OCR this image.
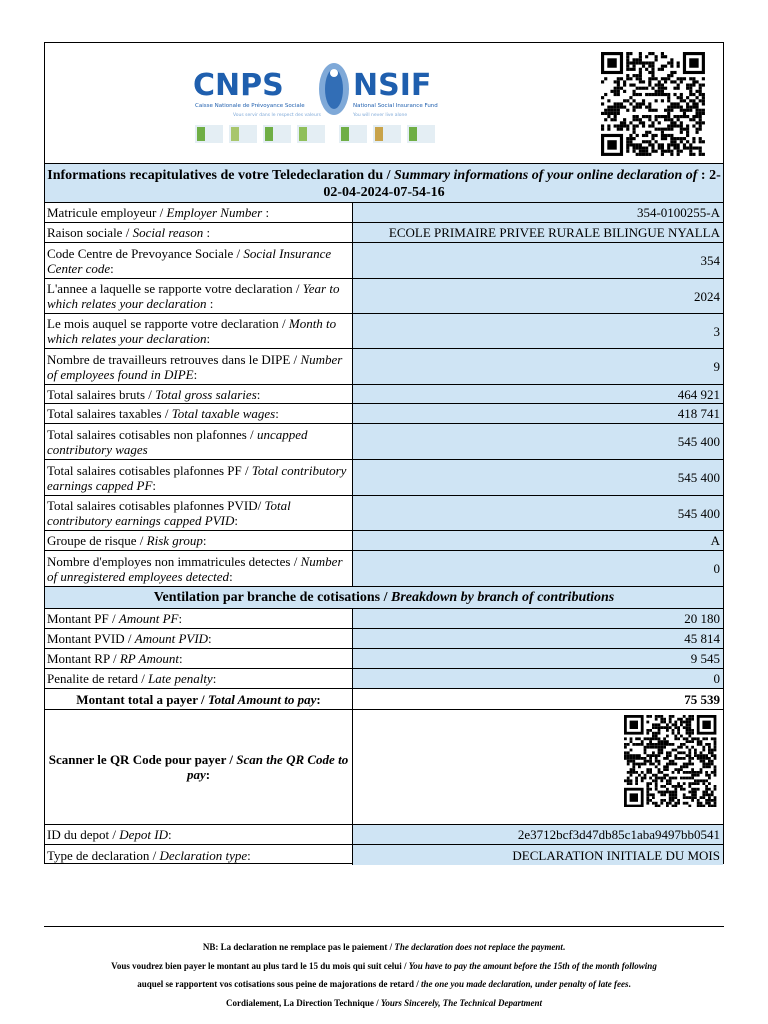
CNPS NSIF
Caisse Nationale de Prévoyance Sociale	National Social Insurance Fund
Vous servir dans le respect des valeurs	You will never live alone
Informations recapitulatives de votre Teledeclaration du / Summary informations of your online declaration of : 2-02-04-2024-07-54-16
Matricule employeur / Employer Number :	354-0100255-A
Raison sociale / Social reason :	ECOLE PRIMAIRE PRIVEE RURALE BILINGUE NYALLA
Code Centre de Prevoyance Sociale / Social Insurance Center code:	354
L'annee a laquelle se rapporte votre declaration / Year to which relates your declaration :	2024
Le mois auquel se rapporte votre declaration / Month to which relates your declaration:	3
Nombre de travailleurs retrouves dans le DIPE / Number of employees found in DIPE:	9
Total salaires bruts / Total gross salaries:	464 921
Total salaires taxables / Total taxable wages:	418 741
Total salaires cotisables non plafonnes / uncapped contributory wages	545 400
Total salaires cotisables plafonnes PF / Total contributory earnings capped PF:	545 400
Total salaires cotisables plafonnes PVID/ Total contributory earnings capped PVID:	545 400
Groupe de risque / Risk group:	A
Nombre d'employes non immatricules detectes / Number of unregistered employees detected:	0
Ventilation par branche de cotisations / Breakdown by branch of contributions
Montant PF / Amount PF:	20 180
Montant PVID / Amount PVID:	45 814
Montant RP / RP Amount:	9 545
Penalite de retard / Late penalty:	0
Montant total a payer / Total Amount to pay:	75 539
Scanner le QR Code pour payer / Scan the QR Code to pay:
ID du depot / Depot ID:	2e3712bcf3d47db85c1aba9497bb0541
Type de declaration / Declaration type:	DECLARATION INITIALE DU MOIS
NB: La declaration ne remplace pas le paiement / The declaration does not replace the payment.
Vous voudrez bien payer le montant au plus tard le 15 du mois qui suit celui / You have to pay the amount before the 15th of the month following
auquel se rapportent vos cotisations sous peine de majorations de retard / the one you made declaration, under penalty of late fees.
Cordialement, La Direction Technique / Yours Sincerely, The Technical Department
